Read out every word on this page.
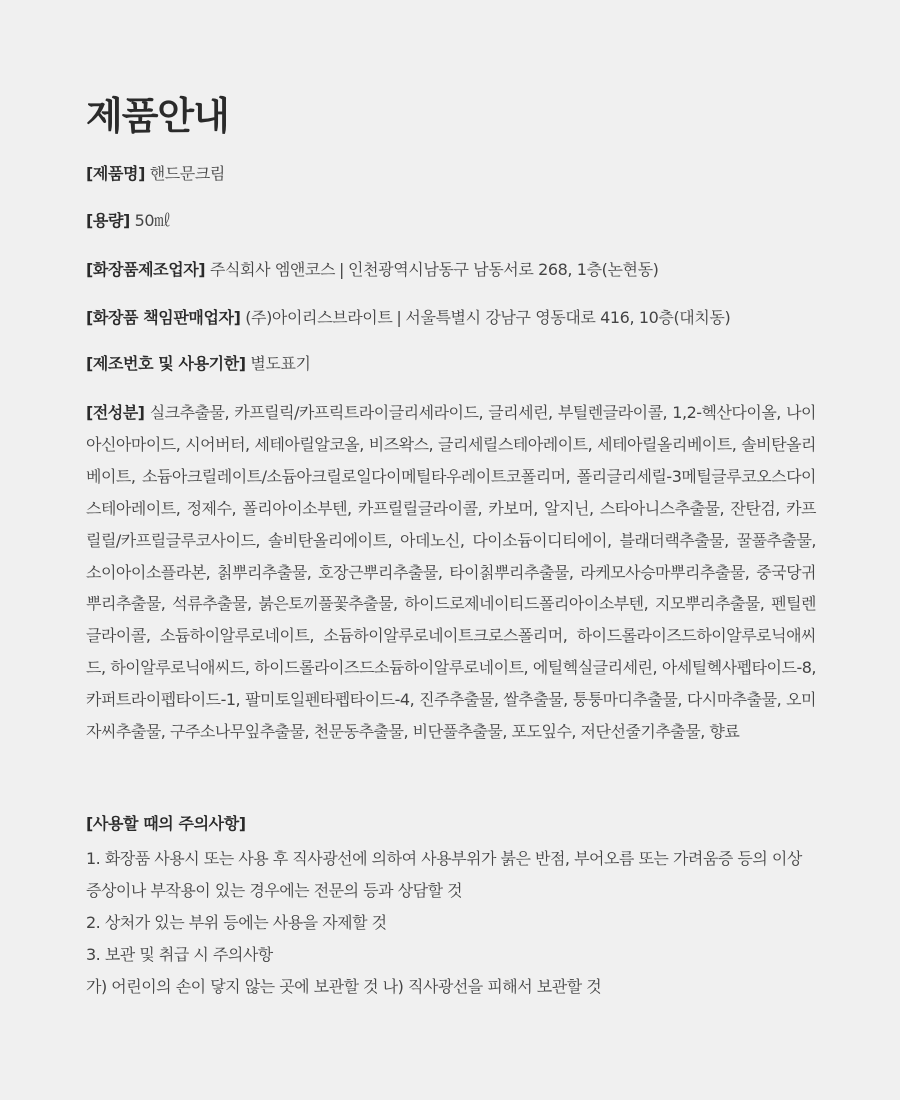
제품안내

[제품명] 핸드문크림

[용량] 50㎖

[화장품제조업자] 주식회사 엠앤코스 | 인천광역시남동구 남동서로 268, 1층(논현동)

[화장품 책임판매업자] (주)아이리스브라이트 | 서울특별시 강남구 영동대로 416, 10층(대치동)

[제조번호 및 사용기한] 별도표기

[전성분] 실크추출물, 카프릴릭/카프릭트라이글리세라이드, 글리세린, 부틸렌글라이콜, 1,2-헥산다이올, 나이아신아마이드, 시어버터, 세테아릴알코올, 비즈왁스, 글리세릴스테아레이트, 세테아릴올리베이트, 솔비탄올리베이트, 소듐아크릴레이트/소듐아크릴로일다이메틸타우레이트코폴리머, 폴리글리세릴-3메틸글루코오스다이스테아레이트, 정제수, 폴리아이소부텐, 카프릴릴글라이콜, 카보머, 알지닌, 스타아니스추출물, 잔탄검, 카프릴릴/카프릴글루코사이드, 솔비탄올리에이트, 아데노신, 다이소듐이디티에이, 블래더랙추출물, 꿀풀추출물, 소이아이소플라본, 칡뿌리추출물, 호장근뿌리추출물, 타이칡뿌리추출물, 라케모사승마뿌리추출물, 중국당귀뿌리추출물, 석류추출물, 붉은토끼풀꽃추출물, 하이드로제네이티드폴리아이소부텐, 지모뿌리추출물, 펜틸렌글라이콜, 소듐하이알루로네이트, 소듐하이알루로네이트크로스폴리머, 하이드롤라이즈드하이알루로닉애씨드, 하이알루로닉애씨드, 하이드롤라이즈드소듐하이알루로네이트, 에틸헥실글리세린, 아세틸헥사펩타이드-8, 카퍼트라이펩타이드-1, 팔미토일펜타펩타이드-4, 진주추출물, 쌀추출물, 퉁퉁마디추출물, 다시마추출물, 오미자씨추출물, 구주소나무잎추출물, 천문동추출물, 비단풀추출물, 포도잎수, 저단선줄기추출물, 향료

[사용할 때의 주의사항]
1. 화장품 사용시 또는 사용 후 직사광선에 의하여 사용부위가 붉은 반점, 부어오름 또는 가려움증 등의 이상
증상이나 부작용이 있는 경우에는 전문의 등과 상담할 것
2. 상처가 있는 부위 등에는 사용을 자제할 것
3. 보관 및 취급 시 주의사항
가) 어린이의 손이 닿지 않는 곳에 보관할 것 나) 직사광선을 피해서 보관할 것
